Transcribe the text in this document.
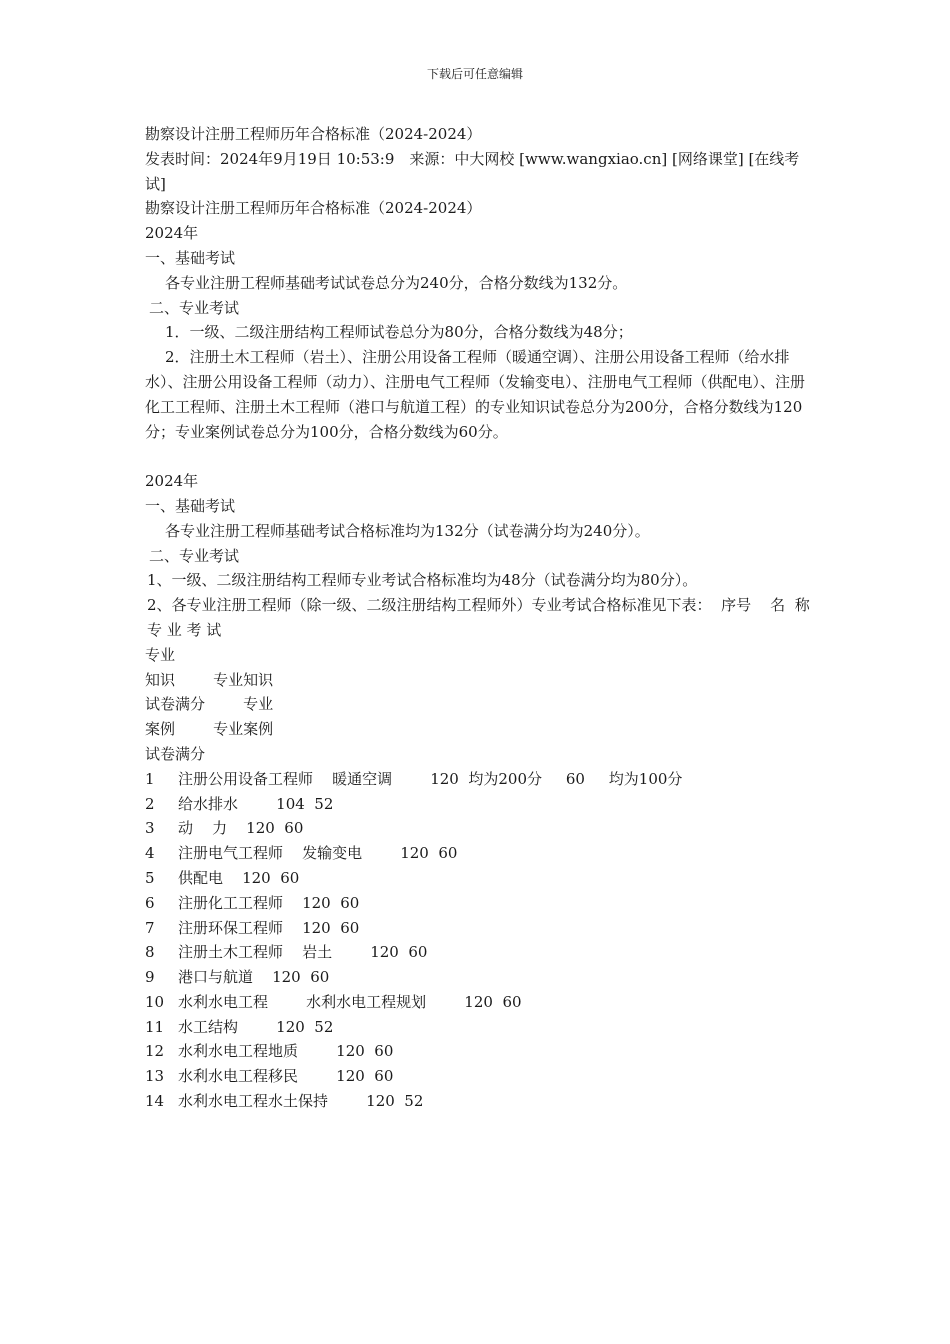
下载后可任意编辑
勘察设计注册工程师历年合格标准（2024-2024）
发表时间：2024年9月19日 10:53:9　来源：中大网校 [www.wangxiao.cn] [网络课堂] [在线考试]
勘察设计注册工程师历年合格标准（2024-2024）
2024年
一、基础考试
各专业注册工程师基础考试试卷总分为240分，合格分数线为132分。
二、专业考试
1．一级、二级注册结构工程师试卷总分为80分，合格分数线为48分；
2．注册土木工程师（岩土）、注册公用设备工程师（暖通空调）、注册公用设备工程师（给水排水）、注册公用设备工程师（动力）、注册电气工程师（发输变电）、注册电气工程师（供配电）、注册化工工程师、注册土木工程师（港口与航道工程）的专业知识试卷总分为200分，合格分数线为120分；专业案例试卷总分为100分，合格分数线为60分。
2024年
一、基础考试
各专业注册工程师基础考试合格标准均为132分（试卷满分均为240分）。
二、专业考试
1、一级、二级注册结构工程师专业考试合格标准均为48分（试卷满分均为80分）。
2、各专业注册工程师（除一级、二级注册结构工程师外）专业考试合格标准见下表：  序号    名  称     专 业 考 试
专业
知识        专业知识
试卷满分        专业
案例        专业案例
试卷满分
1 注册公用设备工程师    暖通空调        120  均为200分     60     均为100分
2 给水排水        104  52
3 动    力    120  60
4 注册电气工程师    发输变电        120  60
5 供配电    120  60
6 注册化工工程师    120  60
7 注册环保工程师    120  60
8 注册土木工程师    岩土        120  60
9 港口与航道    120  60
10 水利水电工程        水利水电工程规划        120  60
11 水工结构        120  52
12 水利水电工程地质        120  60
13 水利水电工程移民        120  60
14 水利水电工程水土保持        120  52
